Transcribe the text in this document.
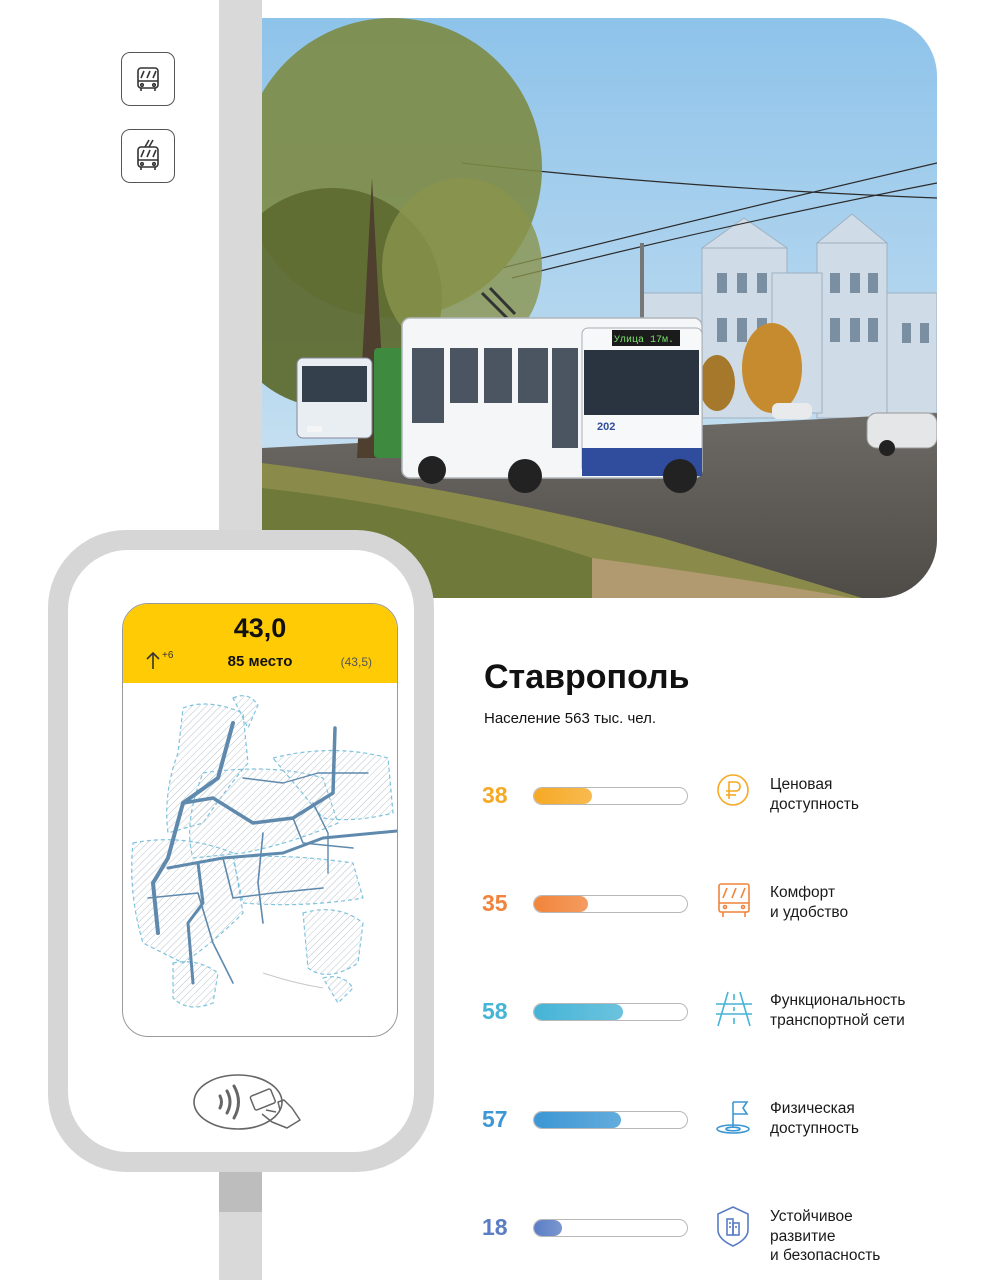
Улица 17м.
202
43,0
+6	85 место	(43,5)	Ставрополь
Население 563 тыс. чел.
38	Ценовая
доступность
35	Комфорт
и удобство
58	Функциональность
транспортной сети
57	Физическая
доступность
18	Устойчивое
развитие
и безопасность
